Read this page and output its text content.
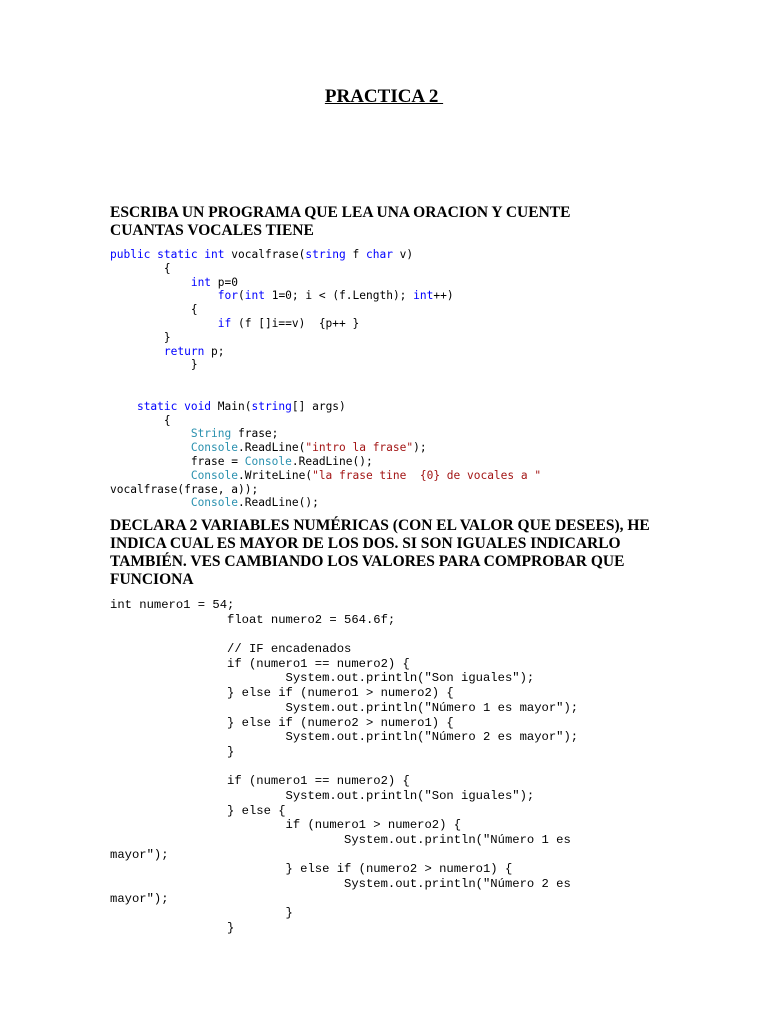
PRACTICA 2
ESCRIBA UN PROGRAMA QUE LEA UNA ORACION Y CUENTE
CUANTAS VOCALES TIENE
public static int vocalfrase(string f char v)
{
int p=0
for(int 1=0; i < (f.Length); int++)
{
if (f []i==v)  {p++ }
}
return p;
}
static void Main(string[] args)
{
String frase;
Console.ReadLine("intro la frase");
frase = Console.ReadLine();
Console.WriteLine("la frase tine  {0} de vocales a "
vocalfrase(frase, a));
Console.ReadLine();
DECLARA 2 VARIABLES NUMÉRICAS (CON EL VALOR QUE DESEES), HE
INDICA CUAL ES MAYOR DE LOS DOS. SI SON IGUALES INDICARLO
TAMBIÉN. VES CAMBIANDO LOS VALORES PARA COMPROBAR QUE
FUNCIONA
int numero1 = 54;
float numero2 = 564.6f;
// IF encadenados
if (numero1 == numero2) {
System.out.println("Son iguales");
} else if (numero1 > numero2) {
System.out.println("Número 1 es mayor");
} else if (numero2 > numero1) {
System.out.println("Número 2 es mayor");
}
if (numero1 == numero2) {
System.out.println("Son iguales");
} else {
if (numero1 > numero2) {
System.out.println("Número 1 es
mayor");
} else if (numero2 > numero1) {
System.out.println("Número 2 es
mayor");
}
}
